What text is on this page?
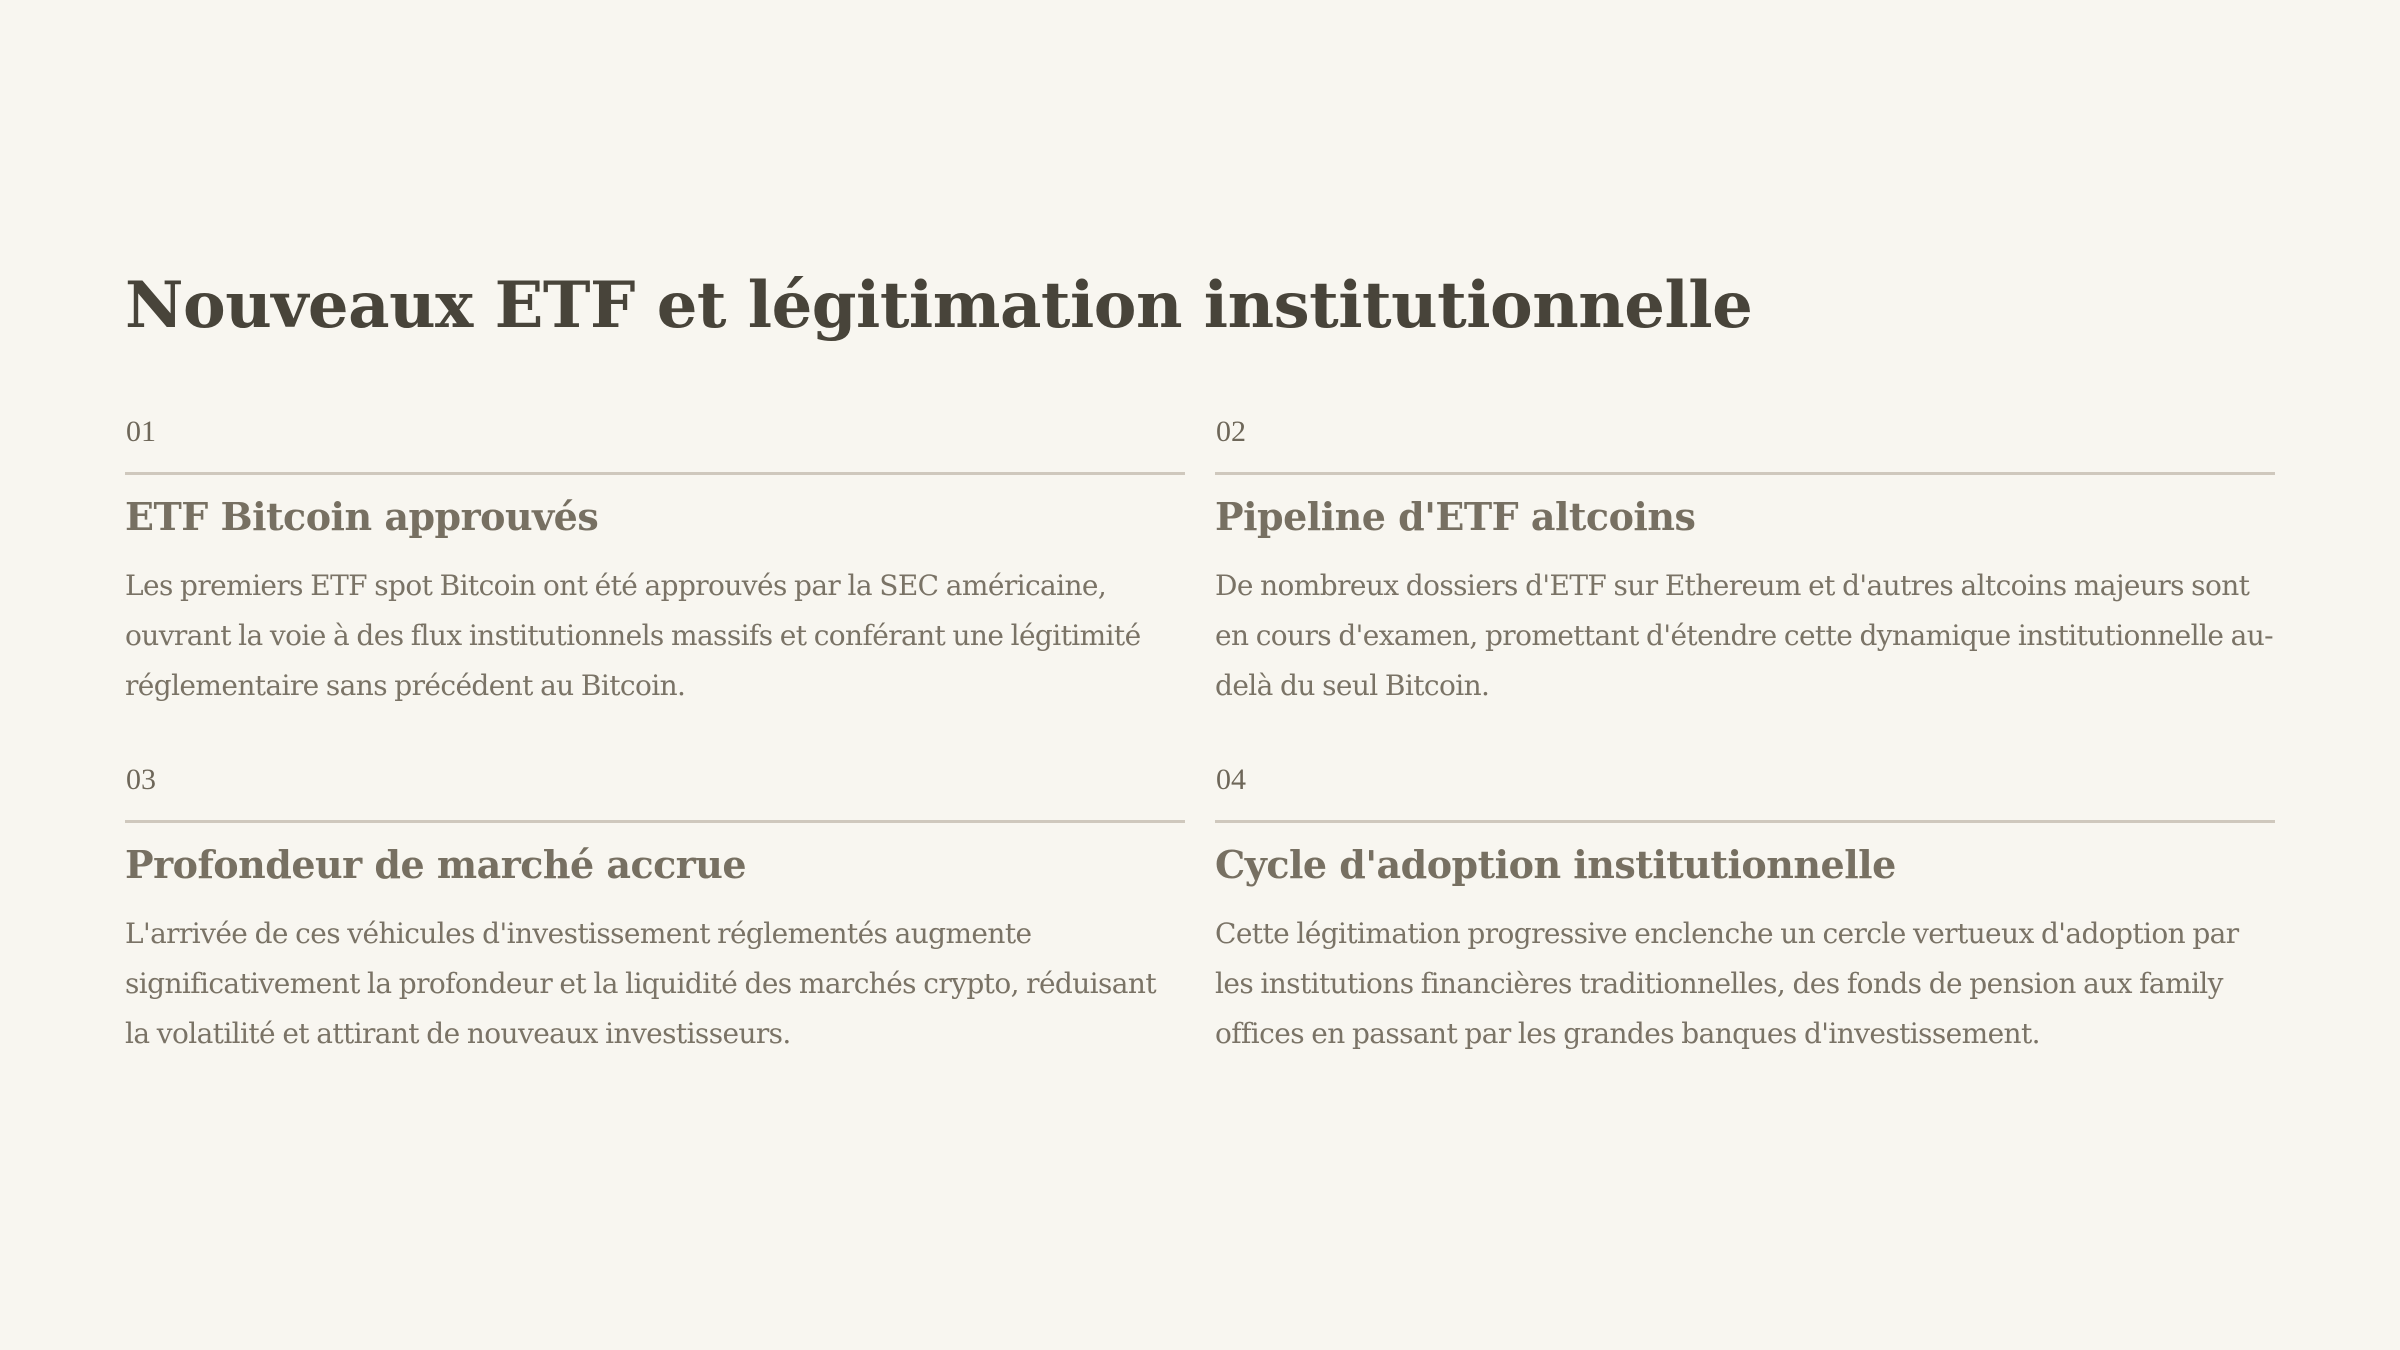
Nouveaux ETF et légitimation institutionnelle
01
ETF Bitcoin approuvés
Les premiers ETF spot Bitcoin ont été approuvés par la SEC américaine, ouvrant la voie à des flux institutionnels massifs et conférant une légitimité réglementaire sans précédent au Bitcoin.
02
Pipeline d'ETF altcoins
De nombreux dossiers d'ETF sur Ethereum et d'autres altcoins majeurs sont en cours d'examen, promettant d'étendre cette dynamique institutionnelle au-delà du seul Bitcoin.
03
Profondeur de marché accrue
L'arrivée de ces véhicules d'investissement réglementés augmente significativement la profondeur et la liquidité des marchés crypto, réduisant la volatilité et attirant de nouveaux investisseurs.
04
Cycle d'adoption institutionnelle
Cette légitimation progressive enclenche un cercle vertueux d'adoption par les institutions financières traditionnelles, des fonds de pension aux family offices en passant par les grandes banques d'investissement.
